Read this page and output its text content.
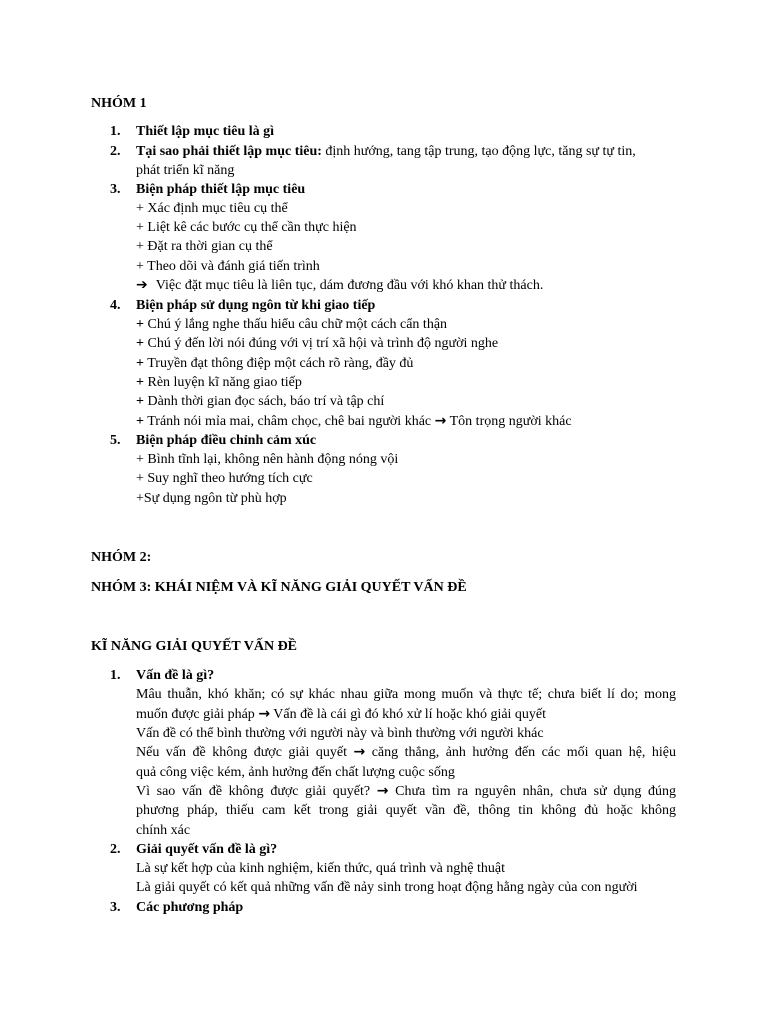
NHÓM 1
1.	Thiết lập mục tiêu là gì
2.	Tại sao phải thiết lập mục tiêu: định hướng, tang tập trung, tạo động lực, tăng sự tự tin,
phát triển kĩ năng
3.	Biện pháp thiết lập mục tiêu
+ Xác định mục tiêu cụ thể
+ Liệt kê các bước cụ thể cần thực hiện
+ Đặt ra thời gian cụ thể
+ Theo dõi và đánh giá tiến trình
➔ Việc đặt mục tiêu là liên tục, dám đương đầu với khó khan thử thách.
4.	Biện pháp sử dụng ngôn từ khi giao tiếp
+ Chú ý lắng nghe thấu hiểu câu chữ một cách cẩn thận
+ Chú ý đến lời nói đúng với vị trí xã hội và trình độ người nghe
+ Truyền đạt thông điệp một cách rõ ràng, đầy đủ
+ Rèn luyện kĩ năng giao tiếp
+ Dành thời gian đọc sách, báo trí và tập chí
+ Tránh nói mỉa mai, châm chọc, chê bai người khác → Tôn trọng người khác
5.	Biện pháp điều chỉnh cảm xúc
+ Bình tĩnh lại, không nên hành động nóng vội
+ Suy nghĩ theo hướng tích cực
+Sự dụng ngôn từ phù hợp
NHÓM 2:
NHÓM 3: KHÁI NIỆM VÀ KĨ NĂNG GIẢI QUYẾT VẤN ĐỀ
KĨ NĂNG GIẢI QUYẾT VẤN ĐỀ
1.	Vấn đề là gì?
Mâu thuẫn, khó khăn; có sự khác nhau giữa mong muốn và thực tế; chưa biết lí do; mong
muốn được giải pháp → Vấn đề là cái gì đó khó xử lí hoặc khó giải quyết
Vấn đề có thể bình thường với người này và bình thường với người khác
Nếu vấn đề không được giải quyết → căng thẳng, ảnh hưởng đến các mối quan hệ, hiệu
quả công việc kém, ảnh hưởng đến chất lượng cuộc sống
Vì sao vấn đề không được giải quyết? → Chưa tìm ra nguyên nhân, chưa sử dụng đúng
phương pháp, thiếu cam kết trong giải quyết vần đề, thông tin không đủ hoặc không
chính xác
2.	Giải quyết vấn đề là gì?
Là sự kết hợp của kinh nghiệm, kiến thức, quá trình và nghệ thuật
Là giải quyết có kết quả những vấn đề nảy sinh trong hoạt động hằng ngày của con người
3.	Các phương pháp
